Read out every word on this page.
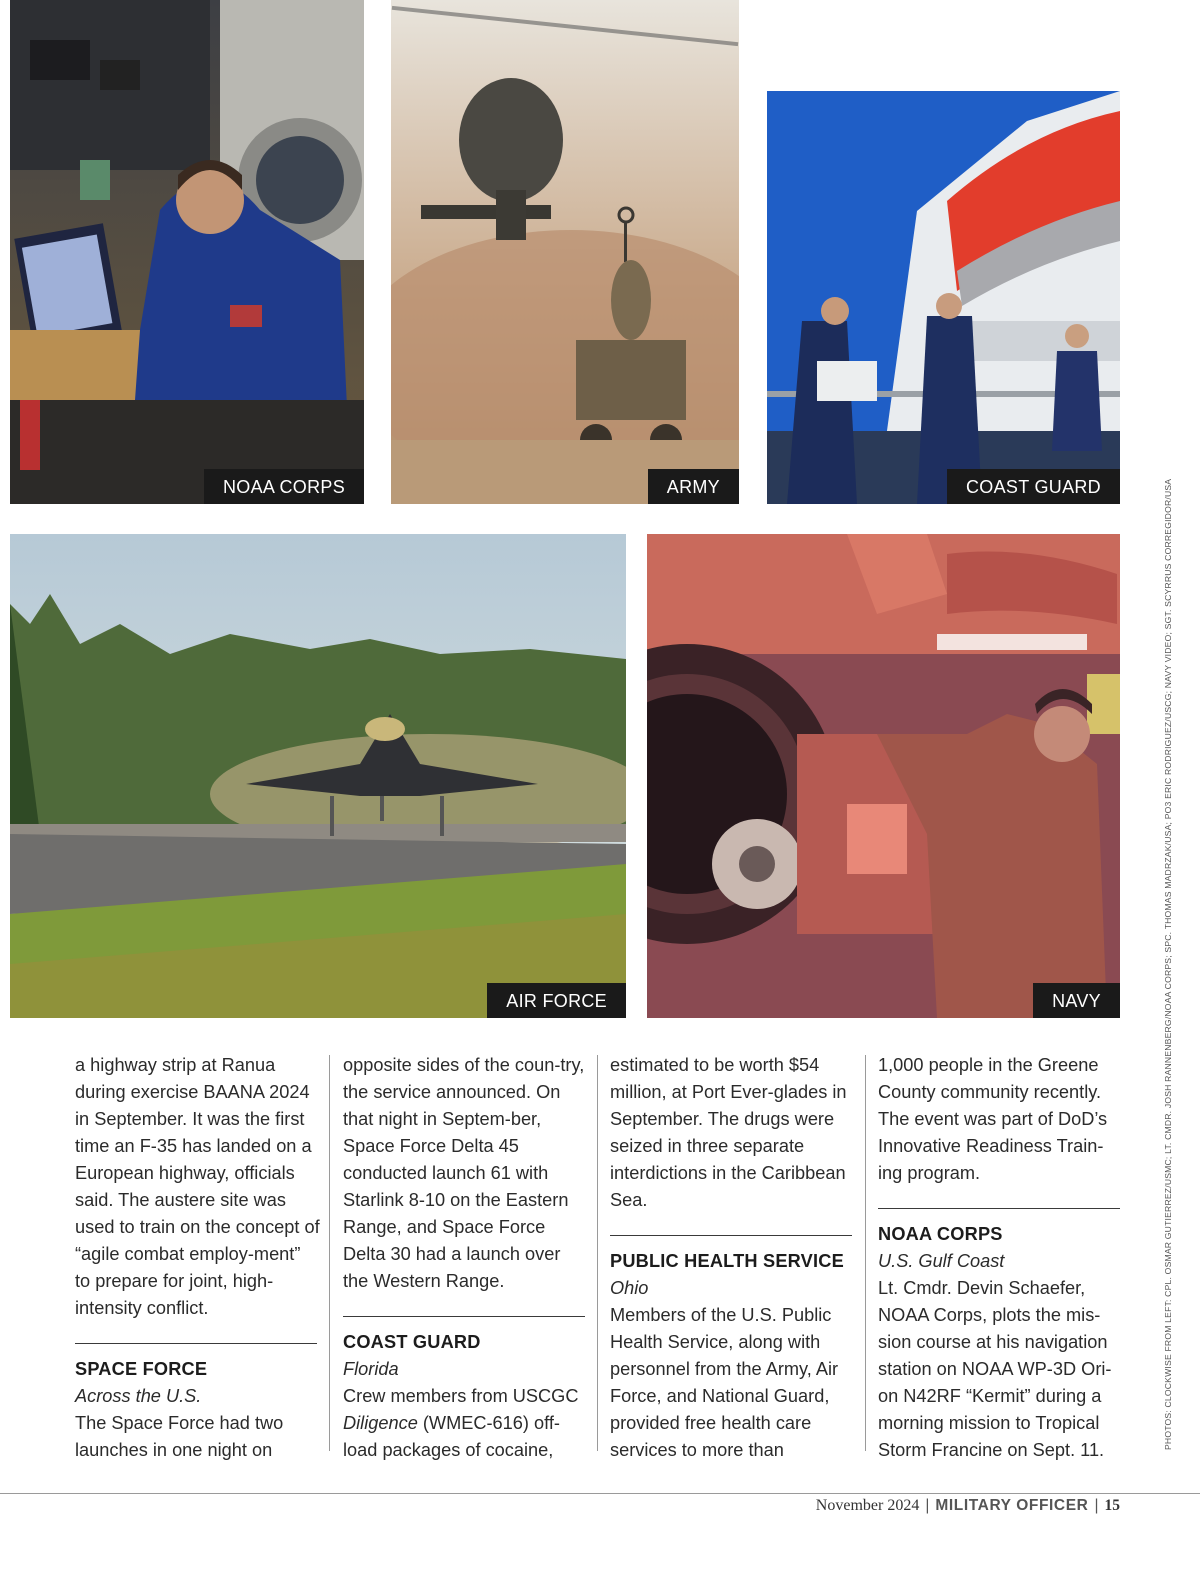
NOAA CORPS	ARMY	COAST GUARD
AIR FORCE	NAVY	PHOTOS: CLOCKWISE FROM LEFT: CPL. OSMAR GUTIERREZ/USMC; LT. CMDR. JOSH RANNENBERG/NOAA CORPS; SPC. THOMAS MADRZAK/USA; PO3 ERIC RODRIGUEZ/USCG; NAVY VIDEO; SGT. SCYRRUS CORREGIDOR/USA
a highway strip at Ranua during exercise BAANA 2024 in September. It was the first time an F-35 has landed on a European highway, officials said. The austere site was used to train on the concept of “agile combat employ-ment” to prepare for joint, high-intensity conflict.
SPACE FORCE
Across the U.S.
The Space Force had two launches in one night on
opposite sides of the coun-try, the service announced. On that night in Septem-ber, Space Force Delta 45 conducted launch 61 with Starlink 8-10 on the Eastern Range, and Space Force Delta 30 had a launch over the Western Range.
COAST GUARD
Florida
Crew members from USCGC Diligence (WMEC-616) off-load packages of cocaine,
estimated to be worth $54 million, at Port Ever-glades in September. The drugs were seized in three separate interdictions in the Caribbean Sea.
PUBLIC HEALTH SERVICE
Ohio
Members of the U.S. Public Health Service, along with personnel from the Army, Air Force, and National Guard, provided free health care services to more than
1,000 people in the Greene County community recently. The event was part of DoD’s Innovative Readiness Train-ing program.
NOAA CORPS
U.S. Gulf Coast
Lt. Cmdr. Devin Schaefer, NOAA Corps, plots the mis-sion course at his navigation station on NOAA WP-3D Ori-on N42RF “Kermit” during a morning mission to Tropical Storm Francine on Sept. 11.
November 2024 | MILITARY OFFICER | 15
